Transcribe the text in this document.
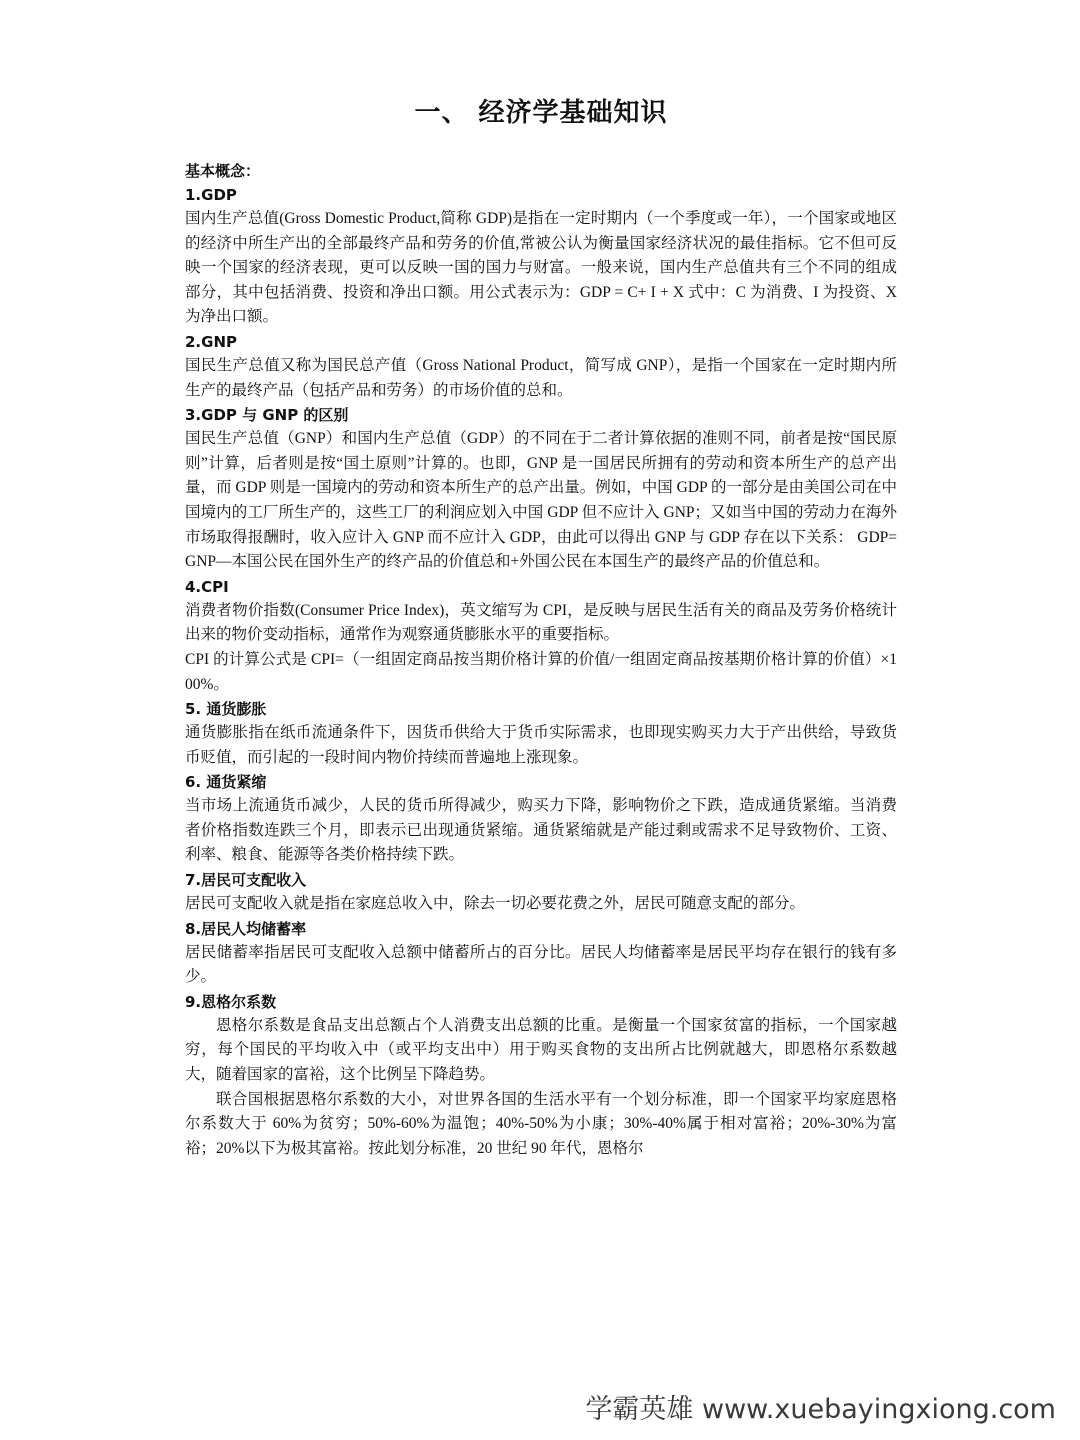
一、 经济学基础知识
基本概念：
1.GDP

国内生产总值(Gross Domestic Product,简称 GDP)是指在一定时期内（一个季度或一年），一个国家或地区的经济中所生产出的全部最终产品和劳务的价值,常被公认为衡量国家经济状况的最佳指标。它不但可反映一个国家的经济表现，更可以反映一国的国力与财富。一般来说，国内生产总值共有三个不同的组成部分，其中包括消费、投资和净出口额。用公式表示为：GDP = C+ I + X 式中：C 为消费、I 为投资、X 为净出口额。

2.GNP

国民生产总值又称为国民总产值（Gross National Product，简写成 GNP），是指一个国家在一定时期内所生产的最终产品（包括产品和劳务）的市场价值的总和。

3.GDP 与 GNP 的区别

国民生产总值（GNP）和国内生产总值（GDP）的不同在于二者计算依据的准则不同，前者是按“国民原则”计算，后者则是按“国土原则”计算的。也即，GNP 是一国居民所拥有的劳动和资本所生产的总产出量，而 GDP 则是一国境内的劳动和资本所生产的总产出量。例如，中国 GDP 的一部分是由美国公司在中国境内的工厂所生产的，这些工厂的利润应划入中国 GDP 但不应计入 GNP；又如当中国的劳动力在海外市场取得报酬时，收入应计入 GNP 而不应计入 GDP，由此可以得出 GNP 与 GDP 存在以下关系： GDP=GNP—本国公民在国外生产的终产品的价值总和+外国公民在本国生产的最终产品的价值总和。

4.CPI

消费者物价指数(Consumer Price Index)，英文缩写为 CPI，是反映与居民生活有关的商品及劳务价格统计出来的物价变动指标，通常作为观察通货膨胀水平的重要指标。

CPI 的计算公式是 CPI=（一组固定商品按当期价格计算的价值/一组固定商品按基期价格计算的价值）×100%。

5. 通货膨胀

通货膨胀指在纸币流通条件下，因货币供给大于货币实际需求，也即现实购买力大于产出供给，导致货币贬值，而引起的一段时间内物价持续而普遍地上涨现象。

6. 通货紧缩

当市场上流通货币减少，人民的货币所得减少，购买力下降，影响物价之下跌，造成通货紧缩。当消费者价格指数连跌三个月，即表示已出现通货紧缩。通货紧缩就是产能过剩或需求不足导致物价、工资、利率、粮食、能源等各类价格持续下跌。

7.居民可支配收入

居民可支配收入就是指在家庭总收入中，除去一切必要花费之外，居民可随意支配的部分。

8.居民人均储蓄率

居民储蓄率指居民可支配收入总额中储蓄所占的百分比。居民人均储蓄率是居民平均存在银行的钱有多少。

9.恩格尔系数

恩格尔系数是食品支出总额占个人消费支出总额的比重。是衡量一个国家贫富的指标，一个国家越穷，每个国民的平均收入中（或平均支出中）用于购买食物的支出所占比例就越大，即恩格尔系数越大，随着国家的富裕，这个比例呈下降趋势。

联合国根据恩格尔系数的大小，对世界各国的生活水平有一个划分标准，即一个国家平均家庭恩格尔系数大于 60%为贫穷；50%-60%为温饱；40%-50%为小康；30%-40%属于相对富裕；20%-30%为富裕；20%以下为极其富裕。按此划分标准，20 世纪 90 年代，恩格尔

学霸英雄 www.xuebayingxiong.com
